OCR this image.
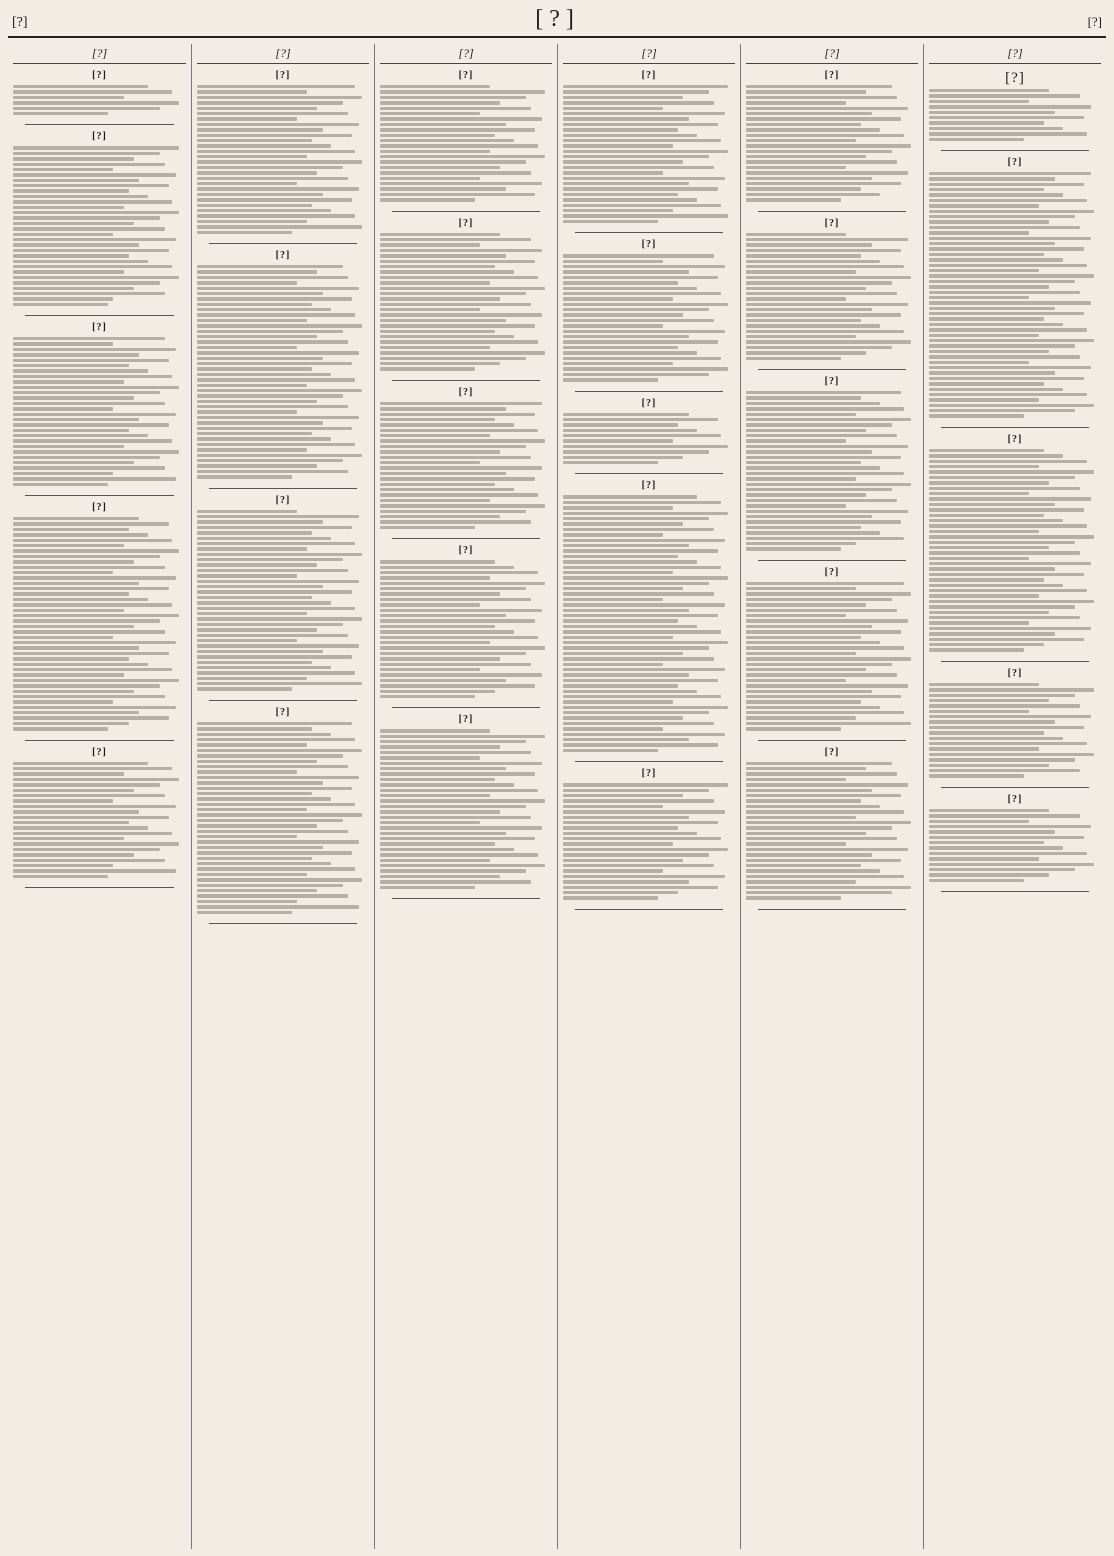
[?]	[?]	[?]
[?]
[?]
[?]
[?]
[?]
[?]
[?]
[?]
[?]
[?]
[?]
[?]
[?]
[?]
[?]
[?]
[?]
[?]
[?]
[?]
[?]
[?]
[?]
[?]
[?]
[?]
[?]
[?]
[?]
[?]
[?]
[?]
[?]
[?]
[?]
